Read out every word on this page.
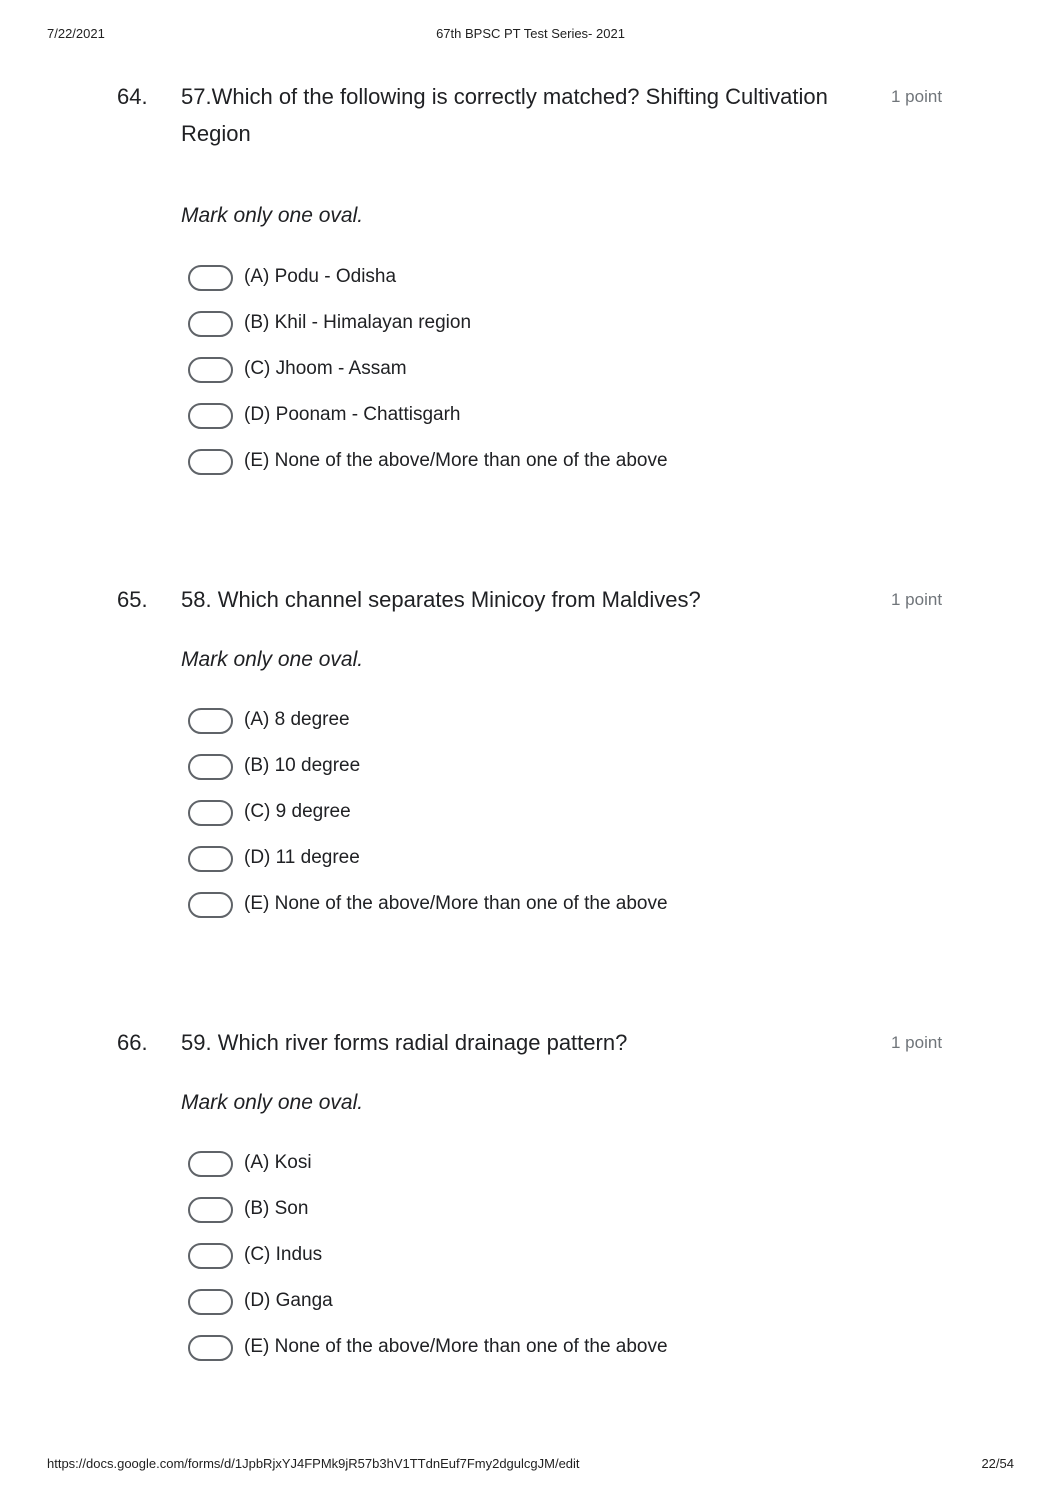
7/22/2021	67th BPSC PT Test Series- 2021
64. 57.Which of the following is correctly matched? Shifting Cultivation Region
1 point
Mark only one oval.
(A) Podu - Odisha
(B) Khil - Himalayan region
(C) Jhoom - Assam
(D) Poonam - Chattisgarh
(E) None of the above/More than one of the above
65. 58. Which channel separates Minicoy from Maldives?	1 point
Mark only one oval.
(A) 8 degree
(B) 10 degree
(C) 9 degree
(D) 11 degree
(E) None of the above/More than one of the above
66. 59. Which river forms radial drainage pattern?	1 point
Mark only one oval.
(A) Kosi
(B) Son
(C) Indus
(D) Ganga
(E) None of the above/More than one of the above
https://docs.google.com/forms/d/1JpbRjxYJ4FPMk9jR57b3hV1TTdnEuf7Fmy2dgulcgJM/edit	22/54
